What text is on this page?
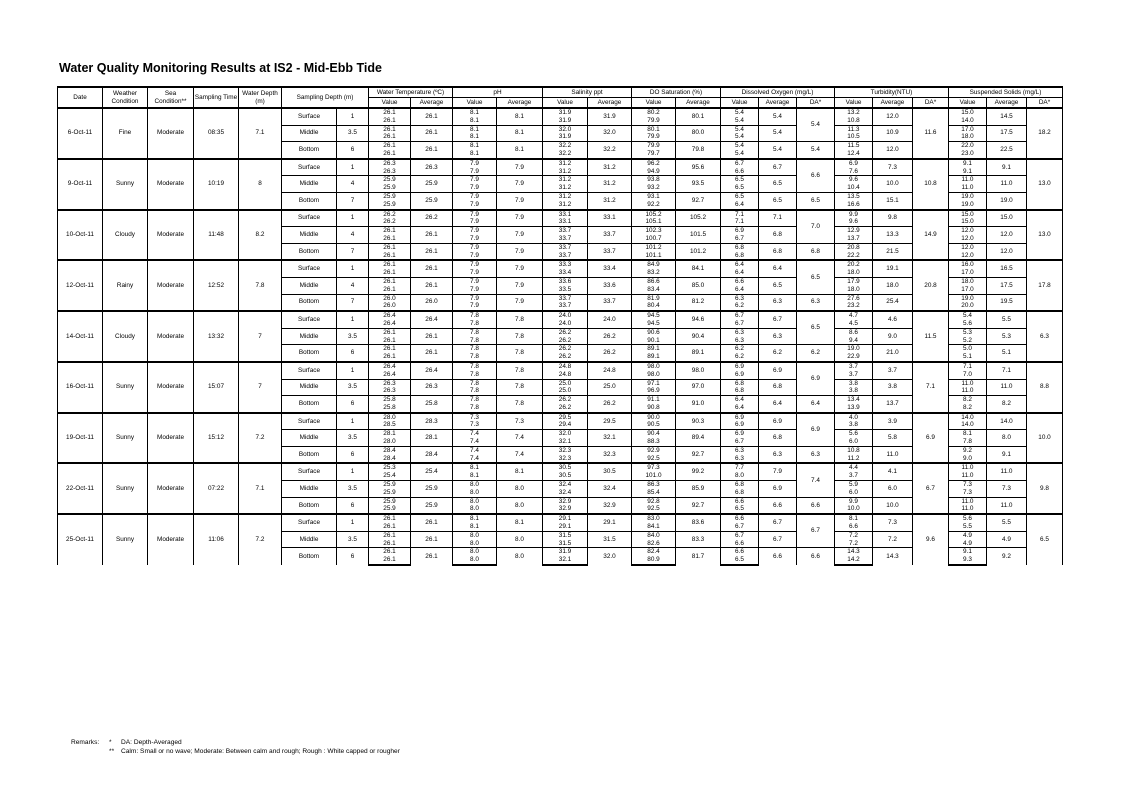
Water Quality Monitoring Results at IS2 - Mid-Ebb Tide
Date	Weather Condition	Sea Condition**	Sampling Time	Water Depth (m)	Sampling Depth (m)		Water Temperature (ºC)		pH		Salinity ppt		DO Saturation (%)		Dissolved Oxygen (mg/L)			Turbidity(NTU)			Suspended Solids (mg/L)		
							Value	Average	Value	Average	Value	Average	Value	Average	Value	Average	DA*	Value	Average	DA*	Value	Average	DA*
6-Oct-11	Fine	Moderate	08:35	7.1	Surface	1	26.1	26.1	8.1	8.1	31.9	31.9	80.2	80.1	5.4	5.4	5.4	13.2	12.0	11.6	15.0	14.5	18.2
							26.1		8.1		31.9		79.9		5.4			10.8			14.0		
					Middle	3.5	26.1	26.1	8.1	8.1	32.0	32.0	80.1	80.0	5.4	5.4		11.3	10.9		17.0	17.5	
							26.1		8.1		31.9		79.9		5.4			10.5			18.0		
					Bottom	6	26.1	26.1	8.1	8.1	32.2	32.2	79.9	79.8	5.4	5.4	5.4	11.5	12.0		22.0	22.5	
							26.1		8.1		32.2		79.7		5.4			12.4			23.0		
9-Oct-11	Sunny	Moderate	10:19	8	Surface	1	26.3	26.3	7.9	7.9	31.2	31.2	96.2	95.6	6.7	6.7	6.6	6.9	7.3	10.8	9.1	9.1	13.0
							26.3		7.9		31.2		94.9		6.6			7.6			9.1		
					Middle	4	25.9	25.9	7.9	7.9	31.2	31.2	93.8	93.5	6.5	6.5		9.6	10.0		11.0	11.0	
							25.9		7.9		31.2		93.2		6.5			10.4			11.0		
					Bottom	7	25.9	25.9	7.9	7.9	31.2	31.2	93.1	92.7	6.5	6.5	6.5	13.5	15.1		19.0	19.0	
							25.9		7.9		31.2		92.2		6.4			16.6			19.0		
10-Oct-11	Cloudy	Moderate	11:48	8.2	Surface	1	26.2	26.2	7.9	7.9	33.1	33.1	105.2	105.2	7.1	7.1	7.0	9.9	9.8	14.9	15.0	15.0	13.0
							26.2		7.9		33.1		105.1		7.1			9.6			15.0		
					Middle	4	26.1	26.1	7.9	7.9	33.7	33.7	102.3	101.5	6.9	6.8		12.9	13.3		12.0	12.0	
							26.1		7.9		33.7		100.7		6.7			13.7			12.0		
					Bottom	7	26.1	26.1	7.9	7.9	33.7	33.7	101.2	101.2	6.8	6.8	6.8	20.8	21.5		12.0	12.0	
							26.1		7.9		33.7		101.1		6.8			22.2			12.0		
12-Oct-11	Rainy	Moderate	12:52	7.8	Surface	1	26.1	26.1	7.9	7.9	33.3	33.4	84.9	84.1	6.4	6.4	6.5	20.2	19.1	20.8	16.0	16.5	17.8
							26.1		7.9		33.4		83.2		6.4			18.0			17.0		
					Middle	4	26.1	26.1	7.9	7.9	33.6	33.6	86.6	85.0	6.6	6.5		17.9	18.0		18.0	17.5	
							26.1		7.9		33.5		83.4		6.4			18.0			17.0		
					Bottom	7	26.0	26.0	7.9	7.9	33.7	33.7	81.9	81.2	6.3	6.3	6.3	27.6	25.4		19.0	19.5	
							26.0		7.9		33.7		80.4		6.2			23.2			20.0		
14-Oct-11	Cloudy	Moderate	13:32	7	Surface	1	26.4	26.4	7.8	7.8	24.0	24.0	94.5	94.6	6.7	6.7	6.5	4.7	4.6	11.5	5.4	5.5	6.3
							26.4		7.8		24.0		94.5		6.7			4.5			5.6		
					Middle	3.5	26.1	26.1	7.8	7.8	26.2	26.2	90.6	90.4	6.3	6.3		8.6	9.0		5.3	5.3	
							26.1		7.8		26.2		90.1		6.3			9.4			5.2		
					Bottom	6	26.1	26.1	7.8	7.8	26.2	26.2	89.1	89.1	6.2	6.2	6.2	19.0	21.0		5.0	5.1	
							26.1		7.8		26.2		89.1		6.2			22.9			5.1		
16-Oct-11	Sunny	Moderate	15:07	7	Surface	1	26.4	26.4	7.8	7.8	24.8	24.8	98.0	98.0	6.9	6.9	6.9	3.7	3.7	7.1	7.1	7.1	8.8
							26.4		7.8		24.8		98.0		6.9			3.7			7.0		
					Middle	3.5	26.3	26.3	7.8	7.8	25.0	25.0	97.1	97.0	6.8	6.8		3.8	3.8		11.0	11.0	
							26.3		7.8		25.0		96.9		6.8			3.8			11.0		
					Bottom	6	25.8	25.8	7.8	7.8	26.2	26.2	91.1	91.0	6.4	6.4	6.4	13.4	13.7		8.2	8.2	
							25.8		7.8		26.2		90.8		6.4			13.9			8.2		
19-Oct-11	Sunny	Moderate	15:12	7.2	Surface	1	28.0	28.3	7.3	7.3	29.5	29.5	90.0	90.3	6.9	6.9	6.9	4.0	3.9	6.9	14.0	14.0	10.0
							28.5		7.3		29.4		90.5		6.9			3.8			14.0		
					Middle	3.5	28.1	28.1	7.4	7.4	32.0	32.1	90.4	89.4	6.9	6.8		5.6	5.8		8.1	8.0	
							28.0		7.4		32.1		88.3		6.7			6.0			7.8		
					Bottom	6	28.4	28.4	7.4	7.4	32.3	32.3	92.9	92.7	6.3	6.3	6.3	10.8	11.0		9.2	9.1	
							28.4		7.4		32.3		92.5		6.3			11.2			9.0		
22-Oct-11	Sunny	Moderate	07:22	7.1	Surface	1	25.3	25.4	8.1	8.1	30.5	30.5	97.3	99.2	7.7	7.9	7.4	4.4	4.1	6.7	11.0	11.0	9.8
							25.4		8.1		30.5		101.0		8.0			3.7			11.0		
					Middle	3.5	25.9	25.9	8.0	8.0	32.4	32.4	86.3	85.9	6.8	6.9		5.9	6.0		7.3	7.3	
							25.9		8.0		32.4		85.4		6.8			6.0			7.3		
					Bottom	6	25.9	25.9	8.0	8.0	32.9	32.9	92.8	92.7	6.6	6.6	6.6	9.9	10.0		11.0	11.0	
							25.9		8.0		32.9		92.5		6.5			10.0			11.0		
25-Oct-11	Sunny	Moderate	11:06	7.2	Surface	1	26.1	26.1	8.1	8.1	29.1	29.1	83.0	83.6	6.6	6.7	6.7	8.1	7.3	9.6	5.6	5.5	6.5
							26.1		8.1		29.1		84.1		6.7			6.6			5.5		
					Middle	3.5	26.1	26.1	8.0	8.0	31.5	31.5	84.0	83.3	6.7	6.7		7.2	7.2		4.9	4.9	
							26.1		8.0		31.5		82.6		6.6			7.2			4.9		
					Bottom	6	26.1	26.1	8.0	8.0	31.9	32.0	82.4	81.7	6.6	6.6	6.6	14.3	14.3		9.1	9.2	
							26.1		8.0		32.1		80.9		6.5			14.2			9.3		
Remarks: * DA: Depth-Averaged
** Calm: Small or no wave; Moderate: Between calm and rough; Rough : White capped or rougher
